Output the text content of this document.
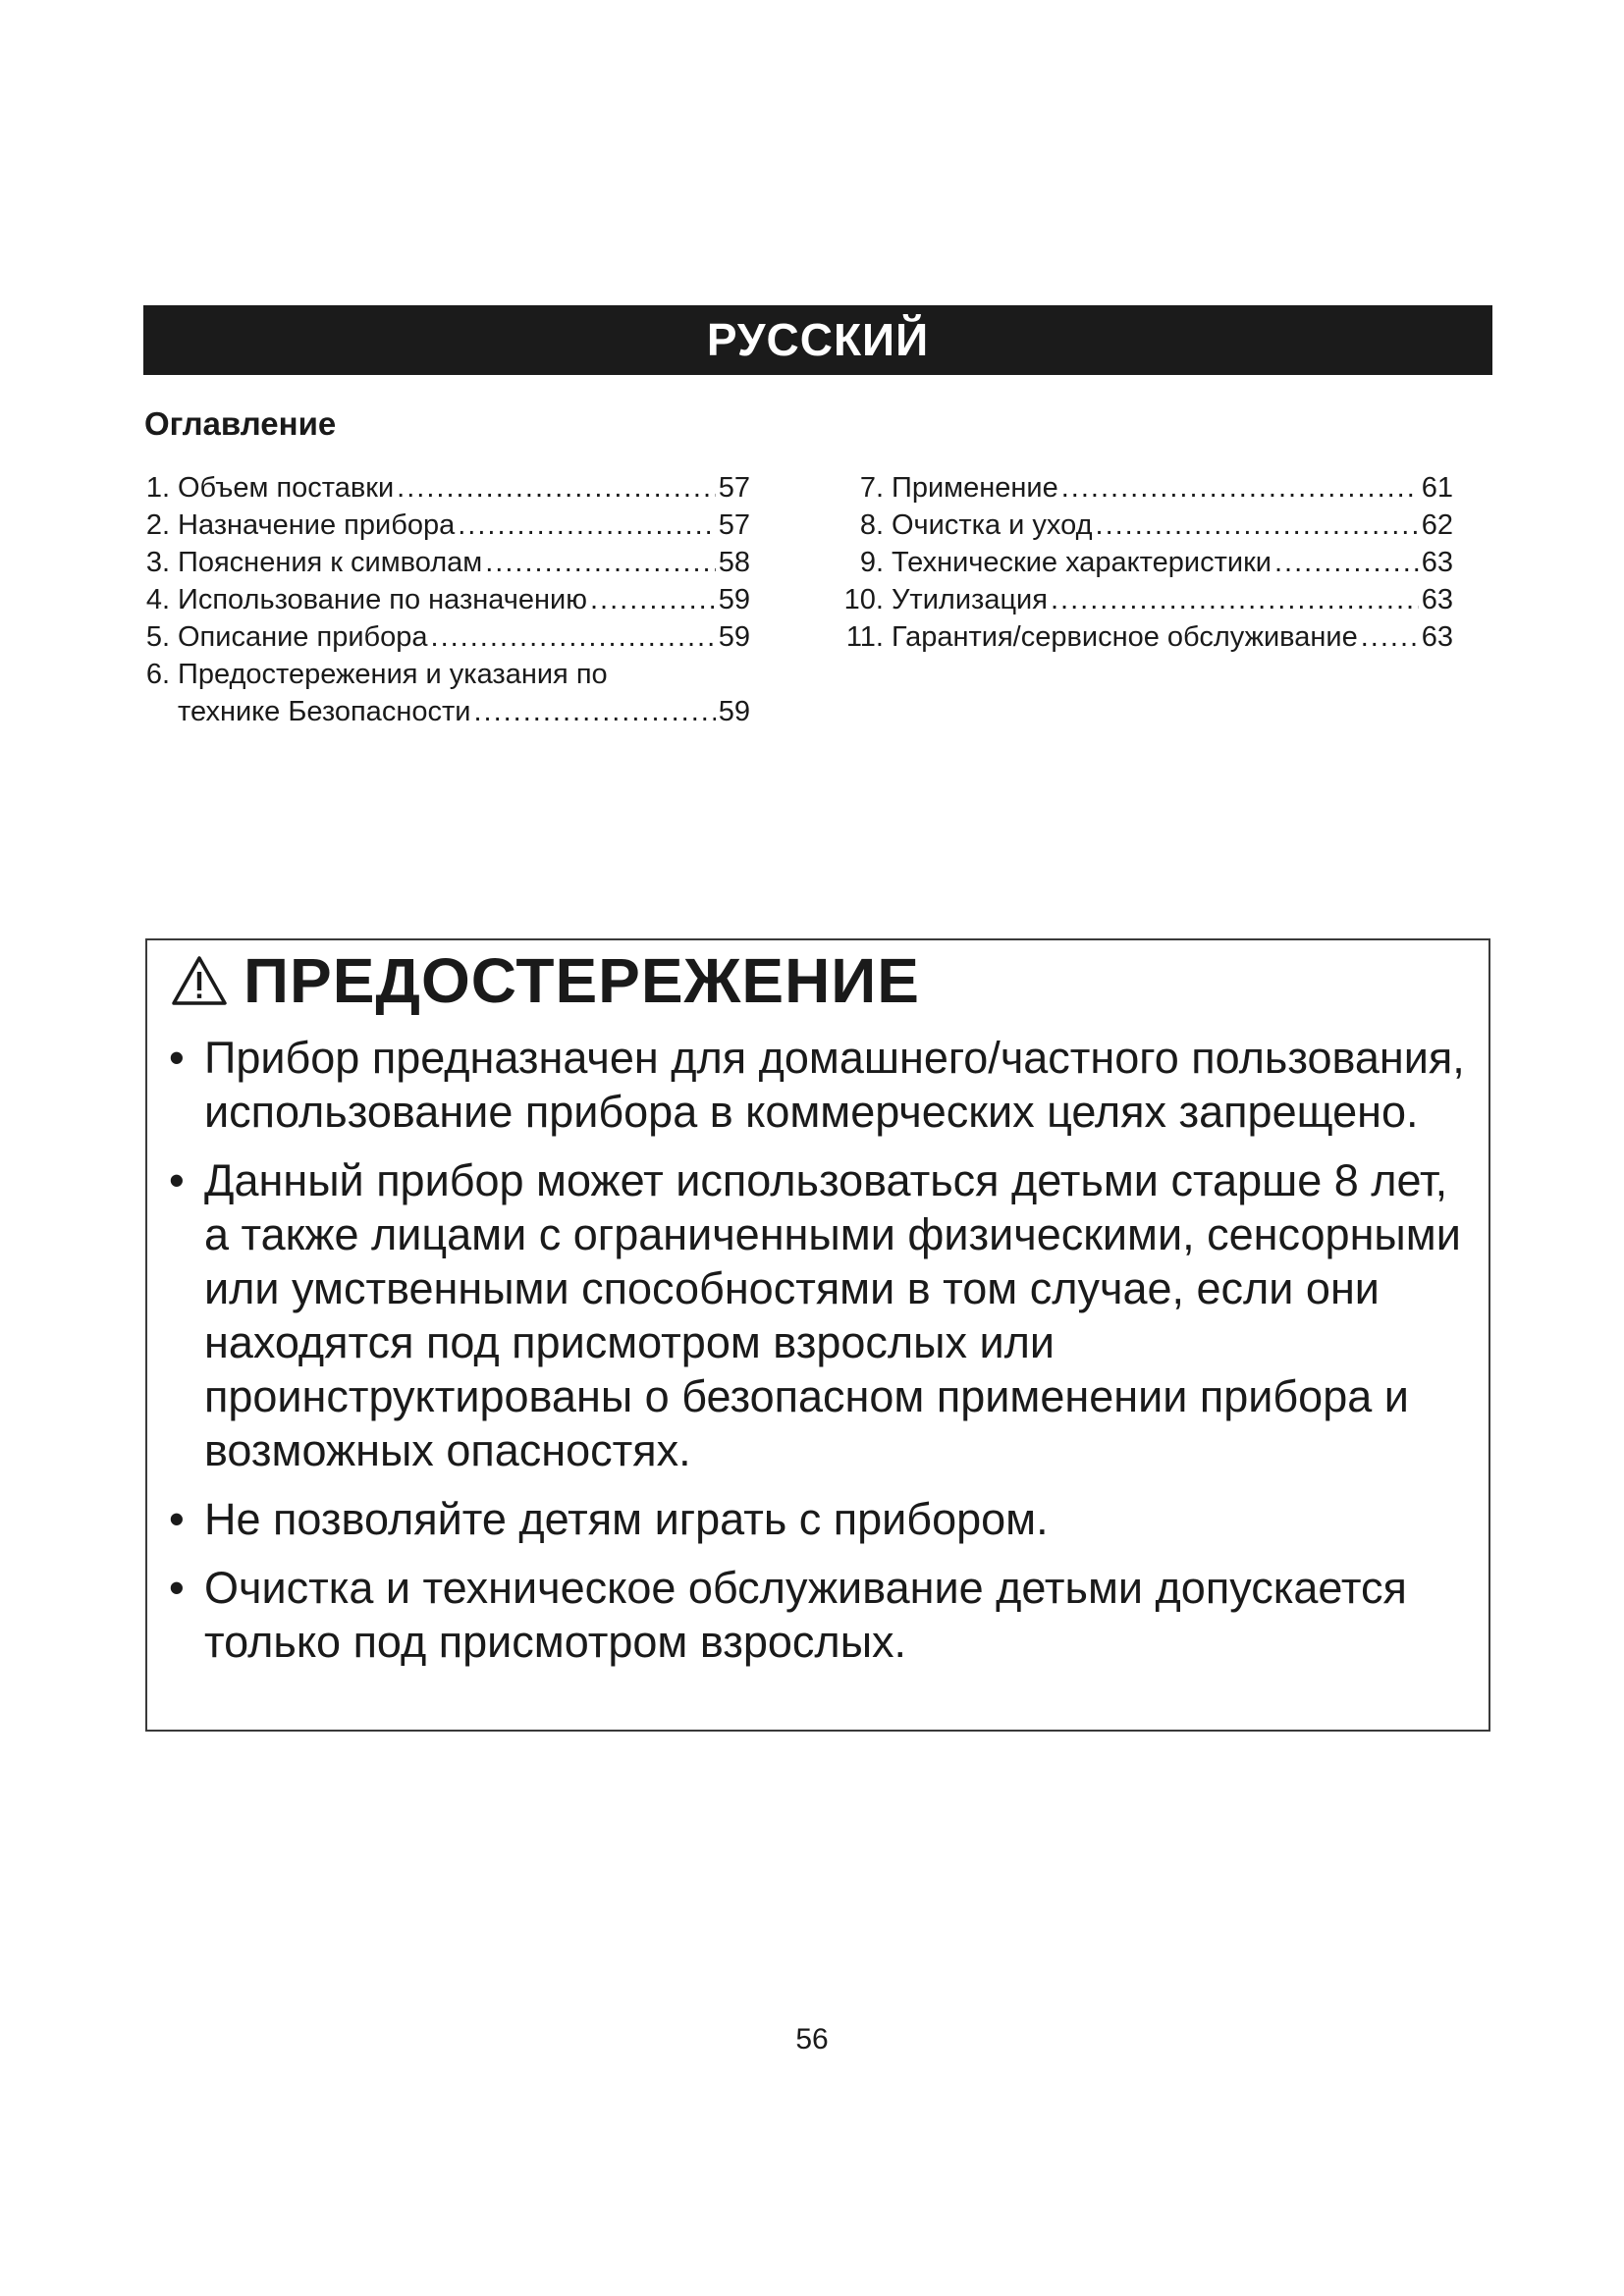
РУССКИЙ
Оглавление
1. Объем поставки .....	57
2. Назначение прибора .....	57
3. Пояснения к символам .....	58
4. Использование по назначению .....	59
5. Описание прибора .....	59
6. Предостережения и указания по
технике Безопасности .....	59
7. Применение .....	61
8. Очистка и уход .....	62
9. Технические характеристики .....	63
10. Утилизация .....	63
11. Гарантия/сервисное обслуживание ..... 63
ПРЕДОСТЕРЕЖЕНИЕ
• Прибор предназначен для домашнего/частного пользования, использование прибора в коммерческих целях запрещено.
• Данный прибор может использоваться детьми старше 8 лет, а также лицами с ограниченными физическими, сенсорными или умственными способностями в том случае, если они находятся под присмотром взрослых или проинструктированы о безопасном применении прибора и возможных опасностях.
• Не позволяйте детям играть с прибором.
• Очистка и техническое обслуживание детьми допускается только под присмотром взрослых.
56
